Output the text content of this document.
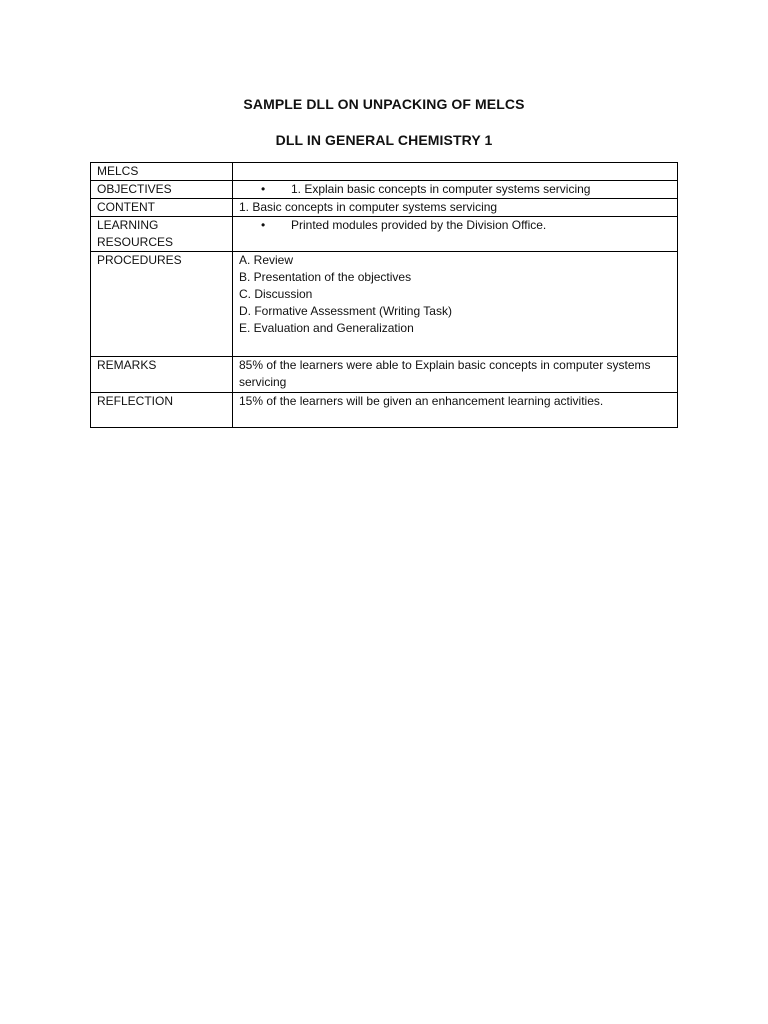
SAMPLE DLL ON UNPACKING OF MELCS
DLL IN GENERAL CHEMISTRY 1
MELCS	
OBJECTIVES	• 1. Explain basic concepts in computer systems servicing

CONTENT	1. Basic concepts in computer systems servicing
LEARNING RESOURCES	• Printed modules provided by the Division Office.

PROCEDURES	A. Review
B. Presentation of the objectives
C. Discussion
D. Formative Assessment (Writing Task)
E. Evaluation and Generalization

REMARKS	85% of the learners were able to Explain basic concepts in computer systems servicing
REFLECTION	15% of the learners will be given an enhancement learning activities.
